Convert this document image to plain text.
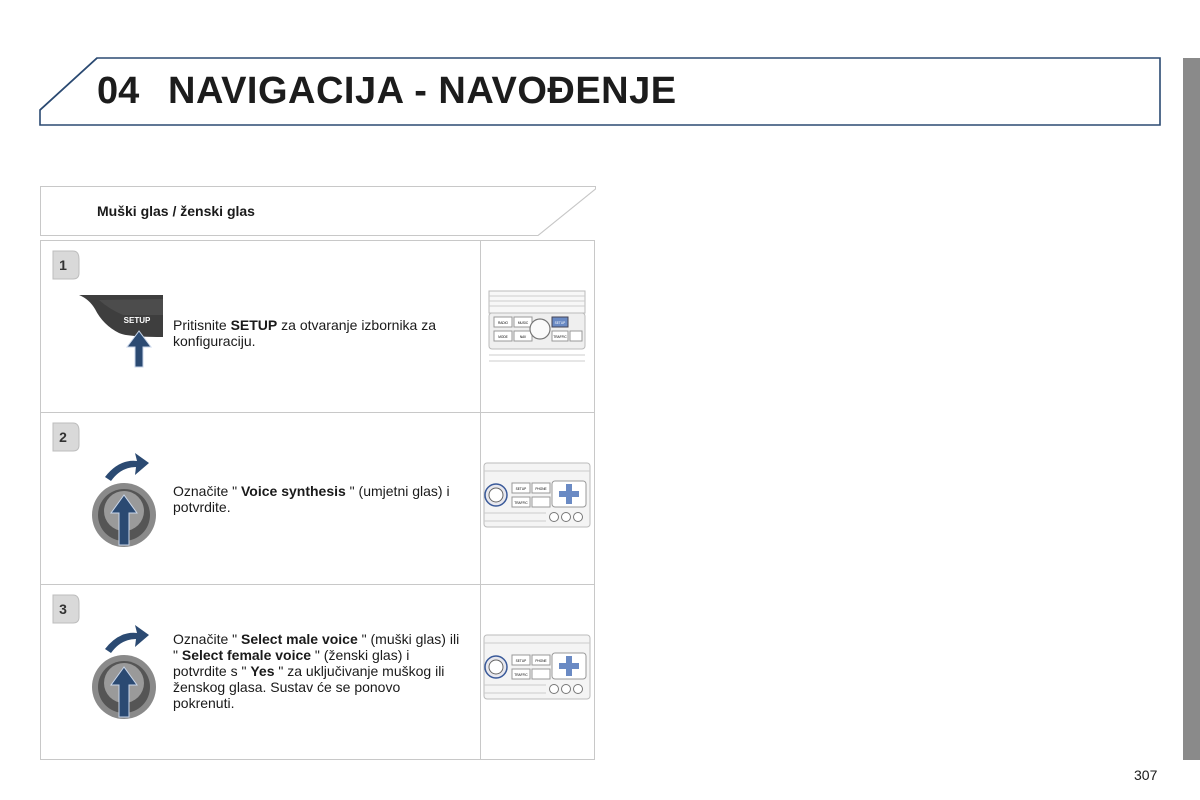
04 NAVIGACIJA - NAVOĐENJE
Muški glas / ženski glas
1
SETUP Pritisnite SETUP za otvaranje izbornika za konfiguraciju.
RADIO	MUSIC	SETUP
MODE	NAV	TRAFFIC
2
Označite " Voice synthesis " (umjetni glas) i potvrdite.
SETUP	PHONE
TRAFFIC
3
Označite " Select male voice " (muški glas) ili " Select female voice " (ženski glas) i potvrdite s " Yes " za uključivanje muškog ili ženskog glasa. Sustav će se ponovo pokrenuti.
SETUP	PHONE
TRAFFIC
307
